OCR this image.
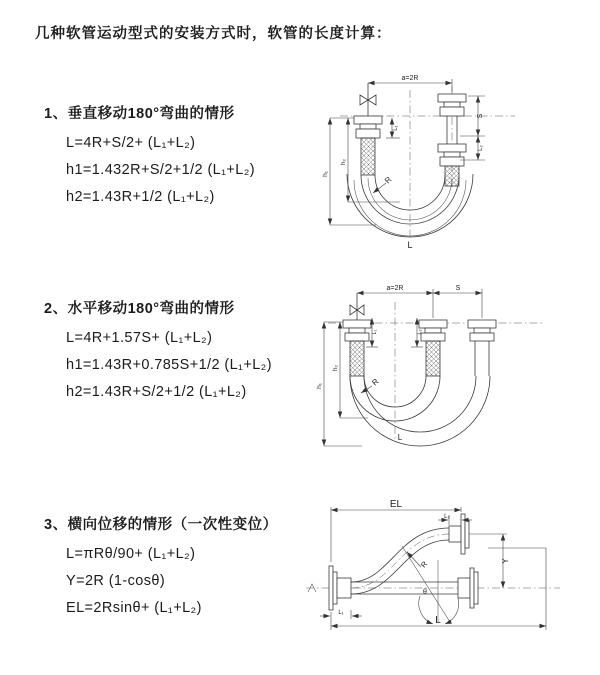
几种软管运动型式的安装方式时，软管的长度计算：
1、垂直移动180°弯曲的情形
L=4R+S/2+ (L₁+L₂)
h1=1.432R+S/2+1/2 (L₁+L₂)
h2=1.43R+1/2 (L₁+L₂)
2、水平移动180°弯曲的情形
L=4R+1.57S+ (L₁+L₂)
h1=1.43R+0.785S+1/2 (L₁+L₂)
h2=1.43R+S/2+1/2 (L₁+L₂)
3、横向位移的情形（一次性变位）
L=πRθ/90+ (L₁+L₂)
Y=2R (1-cosθ)
EL=2Rsinθ+ (L₁+L₂)
a=2R
S
L₂
L₁
h₂
h₁
R
L
a=2R	S
L₁	L₂
h₂
h₁	R
L
EL
L₂
Y
L
L₁
R
θ
